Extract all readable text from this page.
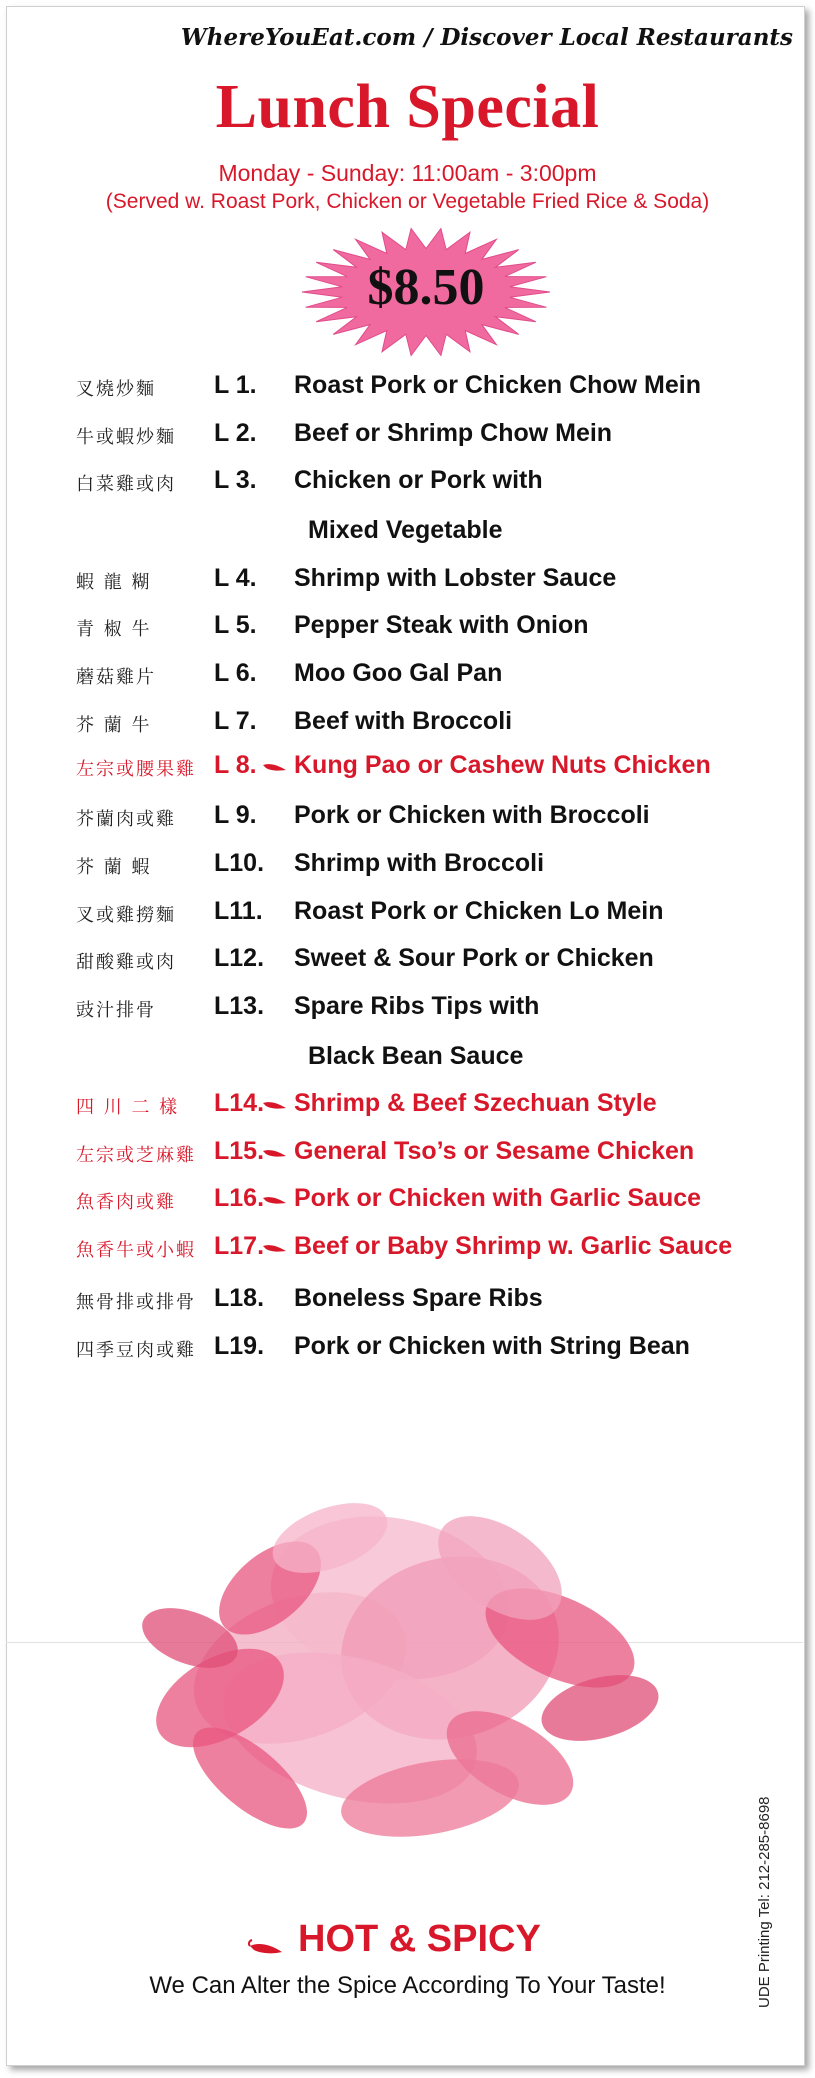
WhereYouEat.com / Discover Local Restaurants
Lunch Special
Monday - Sunday: 11:00am - 3:00pm
(Served w. Roast Pork, Chicken or Vegetable Fried Rice & Soda)
$8.50
叉燒炒麵	L 1. Roast Pork or Chicken Chow Mein
牛或蝦炒麵	L 2. Beef or Shrimp Chow Mein
白菜雞或肉	L 3. Chicken or Pork with
Mixed Vegetable
蝦 龍 糊	L 4. Shrimp with Lobster Sauce
青 椒 牛	L 5. Pepper Steak with Onion
蘑菇雞片	L 6. Moo Goo Gal Pan
芥 蘭 牛	L 7. Beef with Broccoli
左宗或腰果雞 L 8. Kung Pao or Cashew Nuts Chicken
芥蘭肉或雞	L 9. Pork or Chicken with Broccoli
芥 蘭 蝦	L10. Shrimp with Broccoli
叉或雞撈麵	L11. Roast Pork or Chicken Lo Mein
甜酸雞或肉	L12. Sweet & Sour Pork or Chicken
豉汁排骨	L13. Spare Ribs Tips with
Black Bean Sauce
四 川 二 樣	L14. Shrimp & Beef Szechuan Style
左宗或芝麻雞 L15. General Tso’s or Sesame Chicken
魚香肉或雞	L16. Pork or Chicken with Garlic Sauce
魚香牛或小蝦 L17. Beef or Baby Shrimp w. Garlic Sauce
無骨排或排骨 L18. Boneless Spare Ribs
四季豆肉或雞 L19. Pork or Chicken with String Bean
HOT & SPICY
We Can Alter the Spice According To Your Taste!	UDE Printing Tel: 212-285-8698
